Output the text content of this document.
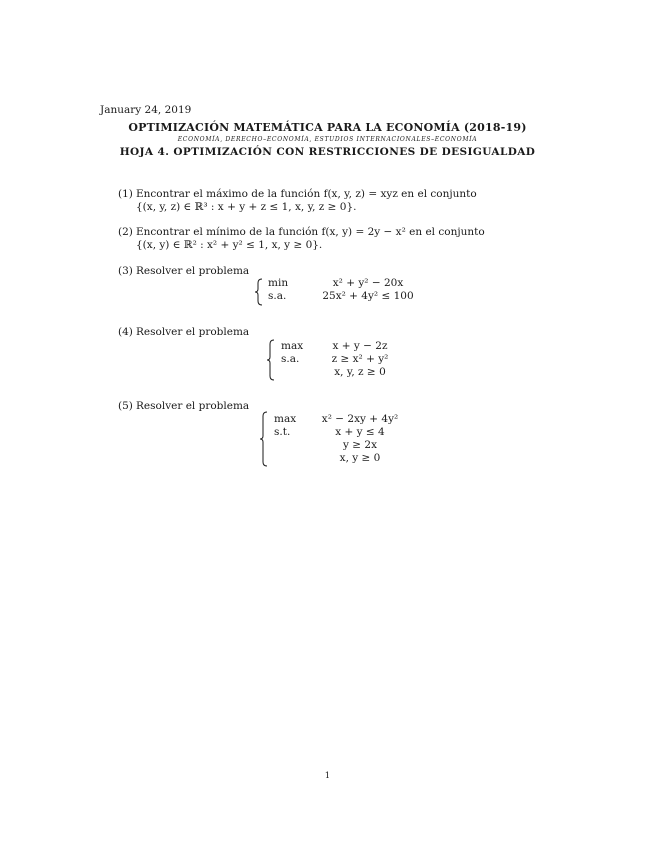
January 24, 2019
OPTIMIZACIÓN MATEMÁTICA PARA LA ECONOMÍA (2018-19)
ECONOMÍA, DERECHO–ECONOMÍA, ESTUDIOS INTERNACIONALES–ECONOMÍA
HOJA 4. OPTIMIZACIÓN CON RESTRICCIONES DE DESIGUALDAD
(1) Encontrar el máximo de la función f(x, y, z) = xyz en el conjunto
{(x, y, z) ∈ ℝ³ : x + y + z ≤ 1, x, y, z ≥ 0}.
(2) Encontrar el mínimo de la función f(x, y) = 2y − x² en el conjunto
{(x, y) ∈ ℝ² : x² + y² ≤ 1, x, y ≥ 0}.
(3) Resolver el problema
min	x² + y² − 20x
s.a.	25x² + 4y² ≤ 100
(4) Resolver el problema
max	x + y − 2z
s.a.	z ≥ x² + y²
x, y, z ≥ 0
(5) Resolver el problema
max	x² − 2xy + 4y²
s.t.	x + y ≤ 4
y ≥ 2x
x, y ≥ 0
1
